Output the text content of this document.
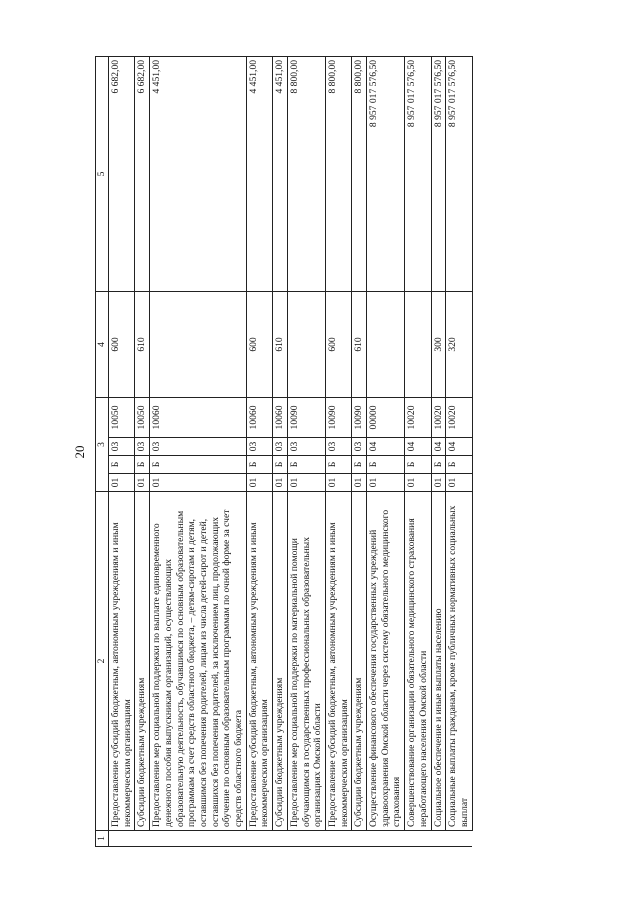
20
1	2	3				4	5
	Предоставление субсидий бюджетным, автономным учреждениям и иным некоммерческим организациям	01	Б	03	10050	600	6 682,00
	Субсидии бюджетным учреждениям	01	Б	03	10050	610	6 682,00
	Предоставление мер социальной поддержки по выплате единовременного денежного пособия выпускникам организаций, осуществляющих образовательную деятельность, обучавшимся по основным образовательным программам за счет средств областного бюджета, – детям-сиротам и детям, оставшимся без попечения родителей, лицам из числа детей-сирот и детей, оставшихся без попечения родителей, за исключением лиц, продолжающих обучение по основным образовательным программам по очной форме за счет средств областного бюджета	01	Б	03	10060		4 451,00
	Предоставление субсидий бюджетным, автономным учреждениям и иным некоммерческим организациям	01	Б	03	10060	600	4 451,00
	Субсидии бюджетным учреждениям	01	Б	03	10060	610	4 451,00
	Предоставление мер социальной поддержки по материальной помощи обучающимся в государственных профессиональных образовательных организациях Омской области	01	Б	03	10090		8 800,00
	Предоставление субсидий бюджетным, автономным учреждениям и иным некоммерческим организациям	01	Б	03	10090	600	8 800,00
	Субсидии бюджетным учреждениям	01	Б	03	10090	610	8 800,00
	Осуществление финансового обеспечения государственных учреждений здравоохранения Омской области через систему обязательного медицинского страхования	01	Б	04	00000		8 957 017 576,50
	Совершенствование организации обязательного медицинского страхования неработающего населения Омской области	01	Б	04	10020		8 957 017 576,50
	Социальное обеспечение и иные выплаты населению	01	Б	04	10020	300	8 957 017 576,50
	Социальные выплаты гражданам, кроме публичных нормативных социальных выплат	01	Б	04	10020	320	8 957 017 576,50
